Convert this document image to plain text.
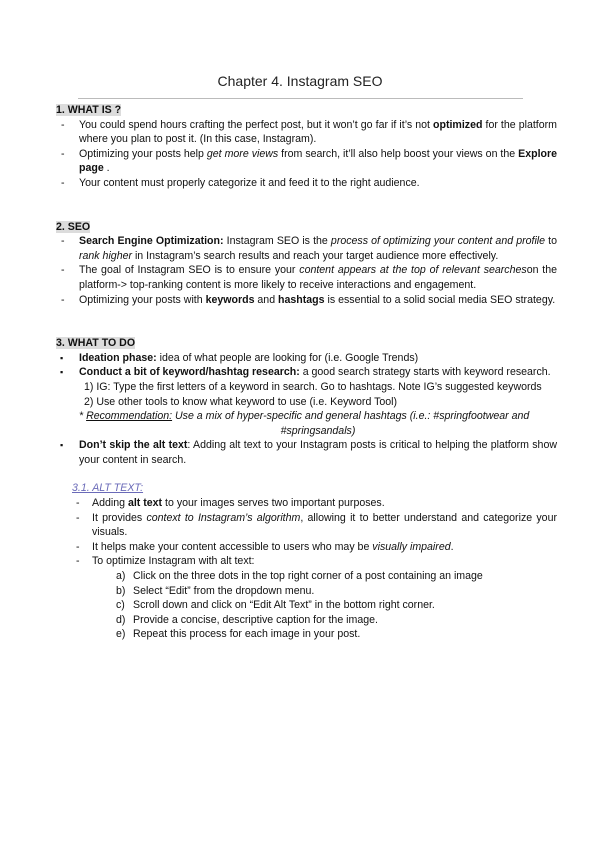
Chapter 4. Instagram SEO

1. WHAT IS ?

- You could spend hours crafting the perfect post, but it won’t go far if it’s not optimized for the platform where you plan to post it. (In this case, Instagram).
- Optimizing your posts help get more views from search, it’ll also help boost your views on the Explore page .
- Your content must properly categorize it and feed it to the right audience.

2. SEO

- Search Engine Optimization: Instagram SEO is the process of optimizing your content and profile to rank higher in Instagram’s search results and reach your target audience more effectively.
- The goal of Instagram SEO is to ensure your content appears at the top of relevant searcheson the platform-> top-ranking content is more likely to receive interactions and engagement.
- Optimizing your posts with keywords and hashtags is essential to a solid social media SEO strategy.

3. WHAT TO DO

▪ Ideation phase: idea of what people are looking for (i.e. Google Trends)
▪ Conduct a bit of keyword/hashtag research: a good search strategy starts with keyword research.
1) IG: Type the first letters of a keyword in search. Go to hashtags. Note IG’s suggested keywords
2) Use other tools to know what keyword to use (i.e. Keyword Tool)
* Recommendation: Use a mix of hyper-specific and general hashtags (i.e.: #springfootwear and
#springsandals)
▪ Don’t skip the alt text: Adding alt text to your Instagram posts is critical to helping the platform show your content in search.
3.1. ALT TEXT:
- Adding alt text to your images serves two important purposes.
- It provides context to Instagram’s algorithm, allowing it to better understand and categorize your visuals.
- It helps make your content accessible to users who may be visually impaired.
- To optimize Instagram with alt text:
a) Click on the three dots in the top right corner of a post containing an image
b) Select “Edit” from the dropdown menu.
c) Scroll down and click on “Edit Alt Text” in the bottom right corner.
d) Provide a concise, descriptive caption for the image.
e) Repeat this process for each image in your post.
